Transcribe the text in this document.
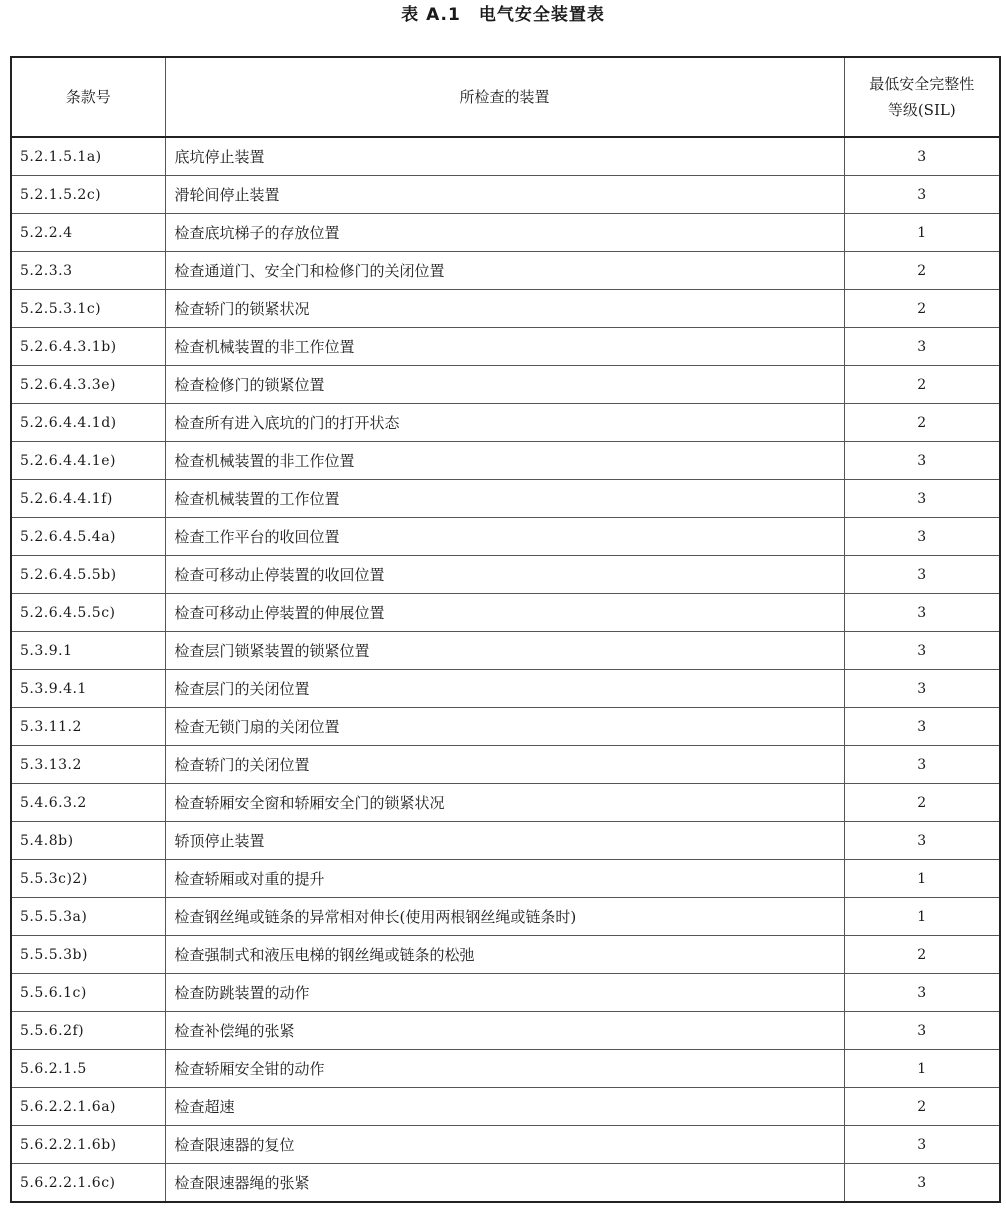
表 A.1　电气安全装置表
条款号	所检查的装置	最低安全完整性
等级(SIL)
5.2.1.5.1a)	底坑停止装置	3
5.2.1.5.2c)	滑轮间停止装置	3
5.2.2.4	检查底坑梯子的存放位置	1
5.2.3.3	检查通道门、安全门和检修门的关闭位置	2
5.2.5.3.1c)	检查轿门的锁紧状况	2
5.2.6.4.3.1b)	检查机械装置的非工作位置	3
5.2.6.4.3.3e)	检查检修门的锁紧位置	2
5.2.6.4.4.1d)	检查所有进入底坑的门的打开状态	2
5.2.6.4.4.1e)	检查机械装置的非工作位置	3
5.2.6.4.4.1f)	检查机械装置的工作位置	3
5.2.6.4.5.4a)	检查工作平台的收回位置	3
5.2.6.4.5.5b)	检查可移动止停装置的收回位置	3
5.2.6.4.5.5c)	检查可移动止停装置的伸展位置	3
5.3.9.1	检查层门锁紧装置的锁紧位置	3
5.3.9.4.1	检查层门的关闭位置	3
5.3.11.2	检查无锁门扇的关闭位置	3
5.3.13.2	检查轿门的关闭位置	3
5.4.6.3.2	检查轿厢安全窗和轿厢安全门的锁紧状况	2
5.4.8b)	轿顶停止装置	3
5.5.3c)2)	检查轿厢或对重的提升	1
5.5.5.3a)	检查钢丝绳或链条的异常相对伸长(使用两根钢丝绳或链条时)	1
5.5.5.3b)	检查强制式和液压电梯的钢丝绳或链条的松弛	2
5.5.6.1c)	检查防跳装置的动作	3
5.5.6.2f)	检查补偿绳的张紧	3
5.6.2.1.5	检查轿厢安全钳的动作	1
5.6.2.2.1.6a)	检查超速	2
5.6.2.2.1.6b)	检查限速器的复位	3
5.6.2.2.1.6c)	检查限速器绳的张紧	3
